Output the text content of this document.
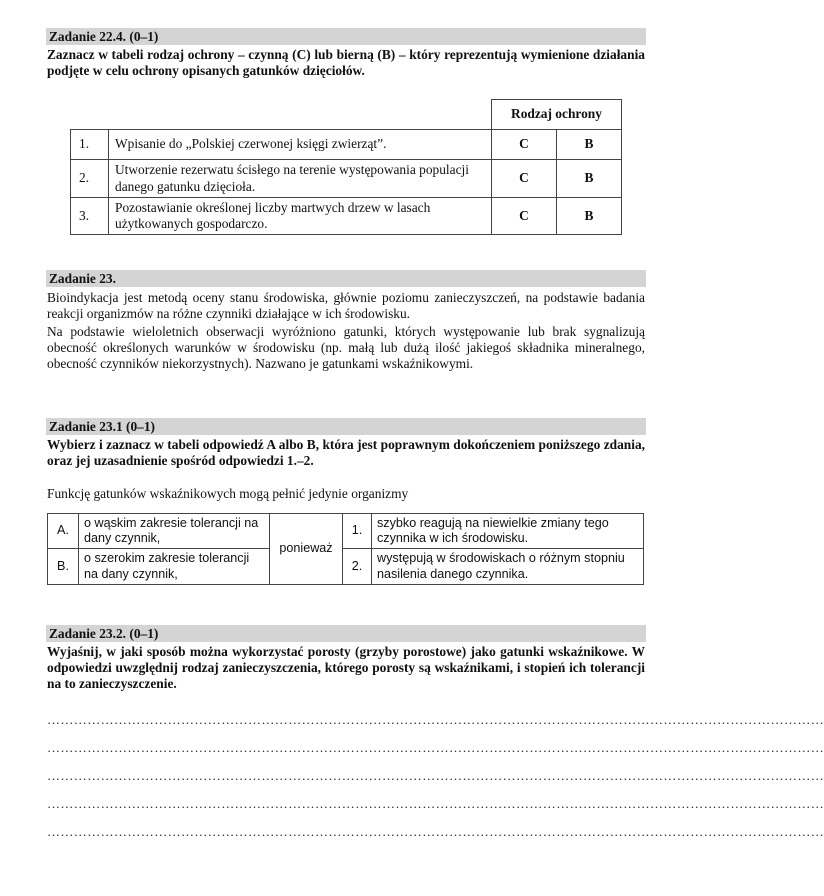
Zadanie 22.4. (0–1)
Zaznacz w tabeli rodzaj ochrony – czynną (C) lub bierną (B) – który reprezentują wymienione działania podjęte w celu ochrony opisanych gatunków dzięciołów.
		Rodzaj ochrony	
1.	Wpisanie do „Polskiej czerwonej księgi zwierząt”.	C	B
2.	Utworzenie rezerwatu ścisłego na terenie występowania populacji danego gatunku dzięcioła.	C	B
3.	Pozostawianie określonej liczby martwych drzew w lasach użytkowanych gospodarczo.	C	B
Zadanie 23.
Bioindykacja jest metodą oceny stanu środowiska, głównie poziomu zanieczyszczeń, na podstawie badania reakcji organizmów na różne czynniki działające w ich środowisku.
Na podstawie wieloletnich obserwacji wyróżniono gatunki, których występowanie lub brak sygnalizują obecność określonych warunków w środowisku (np. małą lub dużą ilość jakiegoś składnika mineralnego, obecność czynników niekorzystnych). Nazwano je gatunkami wskaźnikowymi.
Zadanie 23.1 (0–1)
Wybierz i zaznacz w tabeli odpowiedź A albo B, która jest poprawnym dokończeniem poniższego zdania, oraz jej uzasadnienie spośród odpowiedzi 1.–2.
Funkcję gatunków wskaźnikowych mogą pełnić jedynie organizmy
A.	o wąskim zakresie tolerancji na dany czynnik,	ponieważ	1.	szybko reagują na niewielkie zmiany tego czynnika w ich środowisku.
B.	o szerokim zakresie tolerancji na dany czynnik,		2.	występują w środowiskach o różnym stopniu nasilenia danego czynnika.
Zadanie 23.2. (0–1)
Wyjaśnij, w jaki sposób można wykorzystać porosty (grzyby porostowe) jako gatunki wskaźnikowe. W odpowiedzi uwzględnij rodzaj zanieczyszczenia, którego porosty są wskaźnikami, i stopień ich tolerancji na to zanieczyszczenie.
…………………………………………………………………………………………………………………………………………………………
…………………………………………………………………………………………………………………………………………………………
…………………………………………………………………………………………………………………………………………………………
…………………………………………………………………………………………………………………………………………………………
…………………………………………………………………………………………………………………………………………………………
